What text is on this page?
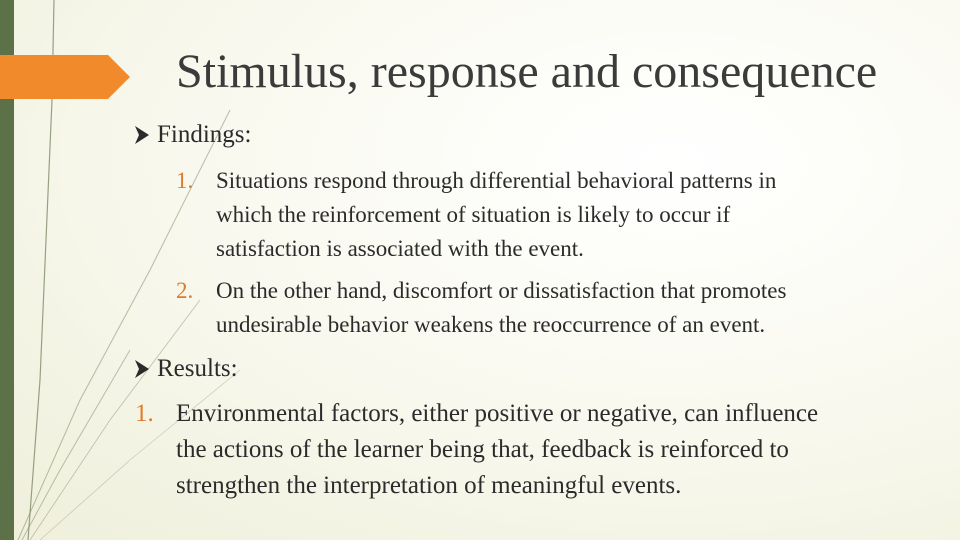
Stimulus, response and consequence
Findings:
1. Situations respond through differential behavioral patterns in
which the reinforcement of situation is likely to occur if
satisfaction is associated with the event.
2. On the other hand, discomfort or dissatisfaction that promotes
undesirable behavior weakens the reoccurrence of an event.
Results:
1. Environmental factors, either positive or negative, can influence
the actions of the learner being that, feedback is reinforced to
strengthen the interpretation of meaningful events.
